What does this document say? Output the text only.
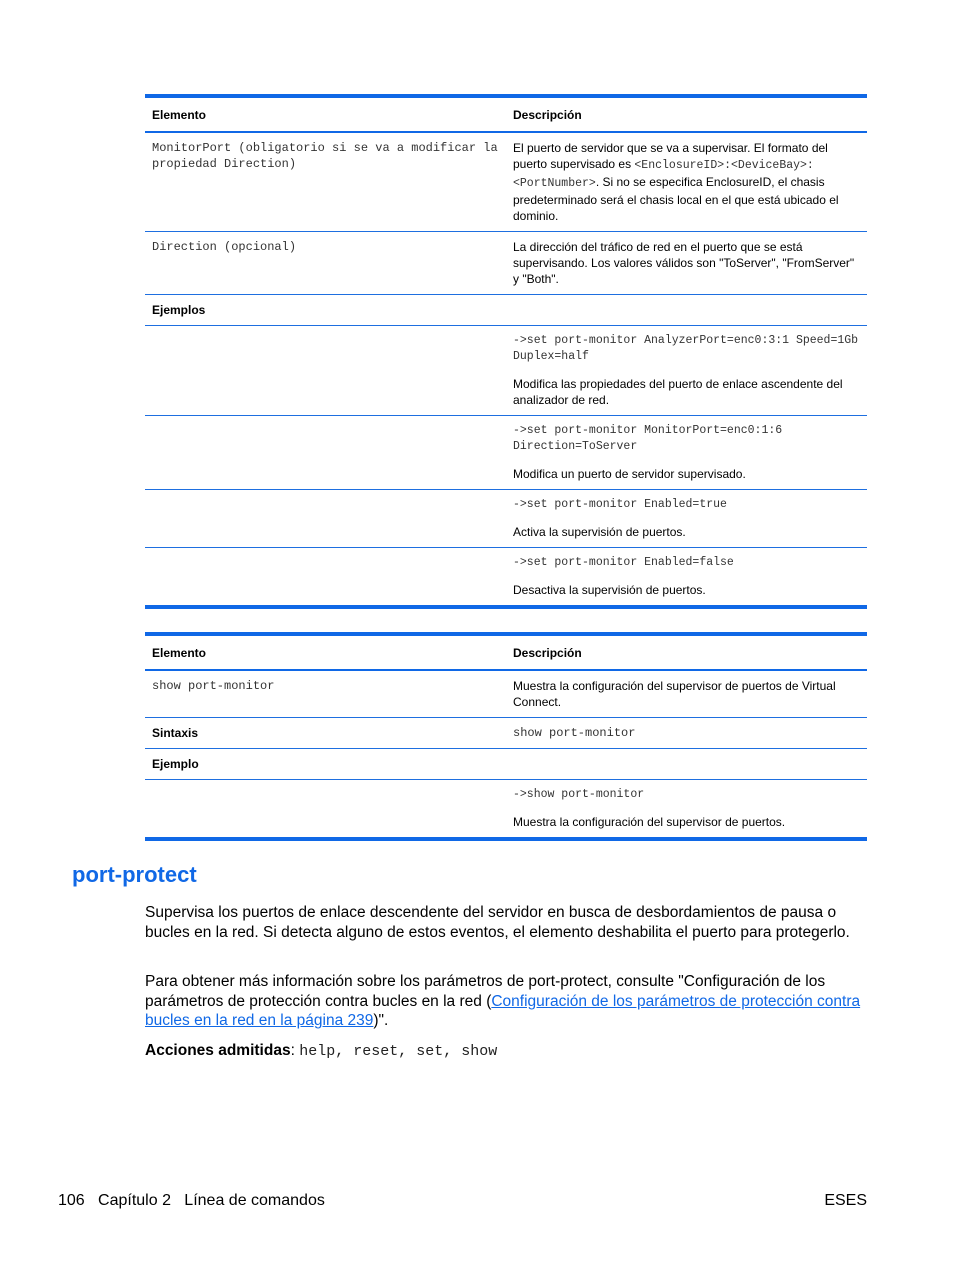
Elemento	Descripción
MonitorPort (obligatorio si se va a modificar la propiedad Direction)	El puerto de servidor que se va a supervisar. El formato del puerto supervisado es <EnclosureID>:<DeviceBay>:<PortNumber>. Si no se especifica EnclosureID, el chasis predeterminado será el chasis local en el que está ubicado el dominio.
Direction (opcional)	La dirección del tráfico de red en el puerto que se está supervisando. Los valores válidos son "ToServer", "FromServer" y "Both".
Ejemplos	

	->set port-monitor AnalyzerPort=enc0:3:1 Speed=1Gb Duplex=half
Modifica las propiedades del puerto de enlace ascendente del analizador de red.

	->set port-monitor MonitorPort=enc0:1:6 Direction=ToServer
Modifica un puerto de servidor supervisado.

	->set port-monitor Enabled=true
Activa la supervisión de puertos.

	->set port-monitor Enabled=false
Desactiva la supervisión de puertos.
Elemento	Descripción
show port-monitor	Muestra la configuración del supervisor de puertos de Virtual Connect.
Sintaxis	show port-monitor
Ejemplo	

	->show port-monitor
Muestra la configuración del supervisor de puertos.
port-protect

Supervisa los puertos de enlace descendente del servidor en busca de desbordamientos de pausa o bucles en la red. Si detecta alguno de estos eventos, el elemento deshabilita el puerto para protegerlo.

Para obtener más información sobre los parámetros de port-protect, consulte "Configuración de los parámetros de protección contra bucles en la red (Configuración de los parámetros de protección contra bucles en la red en la página 239)".

Acciones admitidas: help, reset, set, show

106   Capítulo 2   Línea de comandos	ESES
